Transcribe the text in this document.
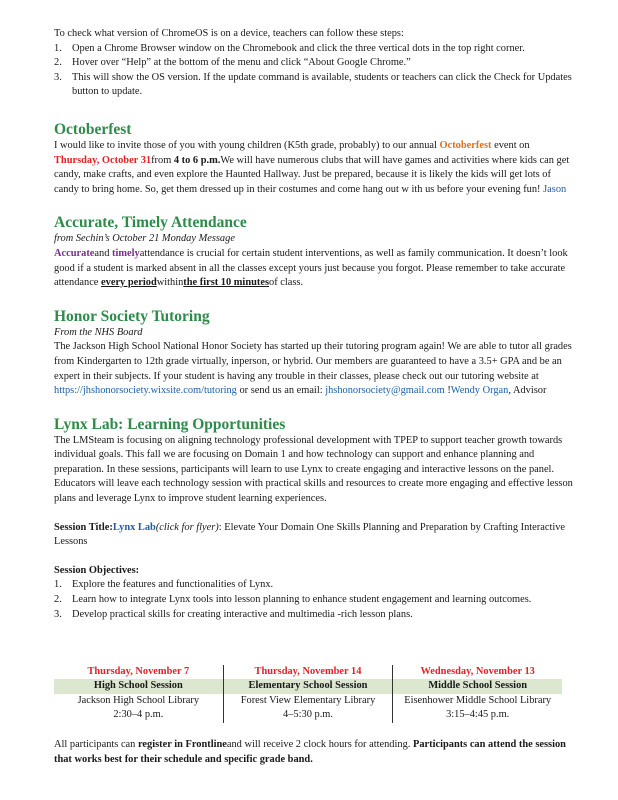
To check what version of ChromeOS is on a device, teachers can follow these steps:

1. Open a Chrome Browser window on the Chromebook and click the three vertical dots in the top right corner.
2. Hover over “Help” at the bottom of the menu and click “About Google Chrome.”
3. This will show the OS version. If the update command is available, students or teachers can click the Check for Updates button to update.
Octoberfest

I would like to invite those of you with young children (K5th grade, probably) to our annual Octoberfest event on Thursday, October 31from 4 to 6 p.m.We will have numerous clubs that will have games and activities where kids can get candy, make crafts, and even explore the Haunted Hallway. Just be prepared, because it is likely the kids will get lots of candy to bring home. So, get them dressed up in their costumes and come hang out w ith us before your evening fun! Jason

Accurate, Timely Attendance

from Sechin’s October 21 Monday Message

Accurateand timelyattendance is crucial for certain student interventions, as well as family communication. It doesn’t look good if a student is marked absent in all the classes except yours just because you forgot. Please remember to take accurate attendance every periodwithinthe first 10 minutesof class.

Honor Society Tutoring

From the NHS Board

The Jackson High School National Honor Society has started up their tutoring program again! We are able to tutor all grades from Kindergarten to 12th grade virtually, inperson, or hybrid. Our members are guaranteed to have a 3.5+ GPA and be an expert in their subjects. If your student is having any trouble in their classes, please check out our tutoring website at https://jhshonorsociety.wixsite.com/tutoring or send us an email: jhshonorsociety@gmail.com !Wendy Organ, Advisor

Lynx Lab: Learning Opportunities

The LMSteam is focusing on aligning technology professional development with TPEP to support teacher growth towards individual goals. This fall we are focusing on Domain 1 and how technology can support and enhance planning and preparation. In these sessions, participants will learn to use Lynx to create engaging and interactive lessons on the panel. Educators will leave each technology session with practical skills and resources to create more engaging and effective lesson plans and leverage Lynx to improve student learning experiences.

Session Title:Lynx Lab(click for flyer): Elevate Your Domain One Skills Planning and Preparation by Crafting Interactive Lessons

Session Objectives:

1. Explore the features and functionalities of Lynx.
2. Learn how to integrate Lynx tools into lesson planning to enhance student engagement and learning outcomes.
3. Develop practical skills for creating interactive and multimedia -rich lesson plans.
Thursday, November 7	Thursday, November 14	Wednesday, November 13
High School Session	Elementary School Session	Middle School Session
Jackson High School Library	Forest View Elementary Library	Eisenhower Middle School Library
2:30–4 p.m.	4–5:30 p.m.	3:15–4:45 p.m.

All participants can register in Frontlineand will receive 2 clock hours for attending. Participants can attend the session that works best for their schedule and specific grade band.
